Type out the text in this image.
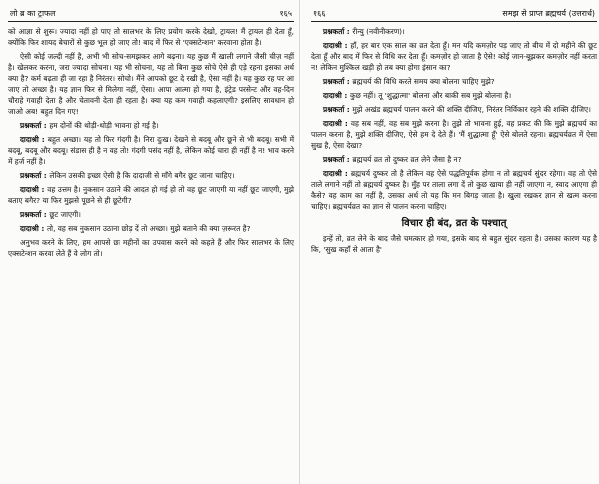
लो ब्र का ट्राफल	१६५

को आज्ञा से शुरू। ज्यादा नहीं हो पाए तो सालभर के लिए प्रयोग करके देखो, ट्रायल! मैं ट्रायल ही देता हूँ, क्योंकि फिर शायद बेचारों से कुछ भूल हो जाए तो! बाद में फिर से 'एक्सटेन्शन' करवाना होता है।

ऐसी कोई जल्दी नहीं है, अभी भी सोच-समझकर आगे बढ़ना। यह कुछ मैं खाली लगाने जैसी चीज़ नहीं है। खेलकर करना, जरा ज्यादा सोचना। यह भी सोचना, यह तो बिना कुछ सोचे ऐसे ही एड़े रहना इसका अर्थ क्या है? कर्म बढ़ता ही जा रहा है निरंतर। सोचो। मैंने आपको छूट दे रखी है, ऐसा नहीं है। यह कुछ रह पर आ जाए तो अच्छा है। यह ज्ञान फिर से मिलेगा नहीं, ऐसा। आपा आत्मा हो गया है, इंट्रेड परसेन्ट और वह-दिन चौराहे गवाही देता है और चेतावनी देता ही रहता है। क्या यह कम गवाही कहलाएगी? इसलिए सावधान हो जाओ अब! बहुत दिन गए!

प्रश्नकर्ता : हम दोनों की थोड़ी-थोड़ी भावना हो गई है।

दादाश्री : बहुत अच्छा। यह तो फिर गंदगी है। निरा दुःख। देखने से बदबू और छूने से भी बदबू। सभी में बदबू, बदबू और बदबू। संडास ही है न वह तो! गंदगी पसंद नहीं है, लेकिन कोई चारा ही नहीं है न! भाव करने में हर्ज नहीं है।

प्रश्नकर्ता : लेकिन उसकी इच्छा ऐसी है कि दादाजी से माँगे बगैर छूट जाना चाहिए।

दादाश्री : वह उत्तम है। नुकसान उठाने की आदत हो गई हो तो वह छूट जाएगी या नहीं छूट जाएगी, मुझे बताए बगैर? या फिर मुझसे पूछने से ही छूटेगी?

प्रश्नकर्ता : छूट जाएगी।

दादाश्री : तो, वह सब नुकसान उठाना छोड़ दें तो अच्छा। मुझे बताने की क्या ज़रूरत है?

अनुभव करने के लिए, हम आपसे छः महीनों का उपवास करने को कहते हैं और फिर सालभर के लिए एक्सटेन्शन करवा लेते हैं वे लोग तो।

१६६	समझ से प्राप्त ब्रह्मचर्य (उत्तरार्ध)

प्रश्नकर्ता : रीन्यु (नवीनीकरण)।

दादाश्री : हाँ, हर बार एक साल का व्रत देता हूँ। मन यदि कमज़ोर पड़ जाए तो बीच में दो महीने की छूट देता हूँ और बाद में फिर से विधि कर देता हूँ। कमज़ोर हो जाता है ऐसे! कोई जान-बूझकर कमज़ोर नहीं करता न! लेकिन मुश्किल खड़ी हो तब क्या होगा इंसान का?

प्रश्नकर्ता : ब्रह्मचर्य की विधि करते समय क्या बोलना चाहिए मुझे?

दादाश्री : कुछ नहीं। तू 'शुद्धात्मा' बोलना और बाकी सब मुझे बोलना है।

प्रश्नकर्ता : मुझे अखंड ब्रह्मचर्य पालन करने की शक्ति दीजिए, निरंतर निर्विकार रहने की शक्ति दीजिए।

दादाश्री : वह सब नहीं, वह सब मुझे करना है। तुझे तो भावना हुई, वह प्रकट की कि मुझे ब्रह्मचर्य का पालन करना है, मुझे शक्ति दीजिए, ऐसे हम दे देते हैं। 'मैं शुद्धात्मा हूँ' ऐसे बोलते रहना। ब्रह्मचर्यव्रत में ऐसा सुख है, ऐसा देखा?

प्रश्नकर्ता : ब्रह्मचर्य व्रत तो दुष्कर व्रत लेने जैसा है न?

दादाश्री : ब्रह्मचर्य दुष्कर तो है लेकिन वह ऐसे पद्धतिपूर्वक होगा न तो ब्रह्मचर्य सुंदर रहेगा। वह तो ऐसे ताले लगाने नहीं तो ब्रह्मचर्य दुष्कर है। मुँह पर ताला लगा दें तो कुछ खाया ही नहीं जाएगा न, स्वाद आएगा ही कैसे? वह काम का नहीं है, उसका अर्थ तो यह कि मन बिगड़ जाता है। खुला रखकर ज्ञान से खत्म करना चाहिए। ब्रह्मचर्यव्रत का ज्ञान से पालन करना चाहिए।

विचार ही बंद, व्रत के पश्चात्

इन्हें तो, व्रत लेने के बाद जैसे चमत्कार हो गया, इसके बाद से बहुत सुंदर रहता है। उसका कारण यह है कि, 'सुख कहाँ से आता है'
